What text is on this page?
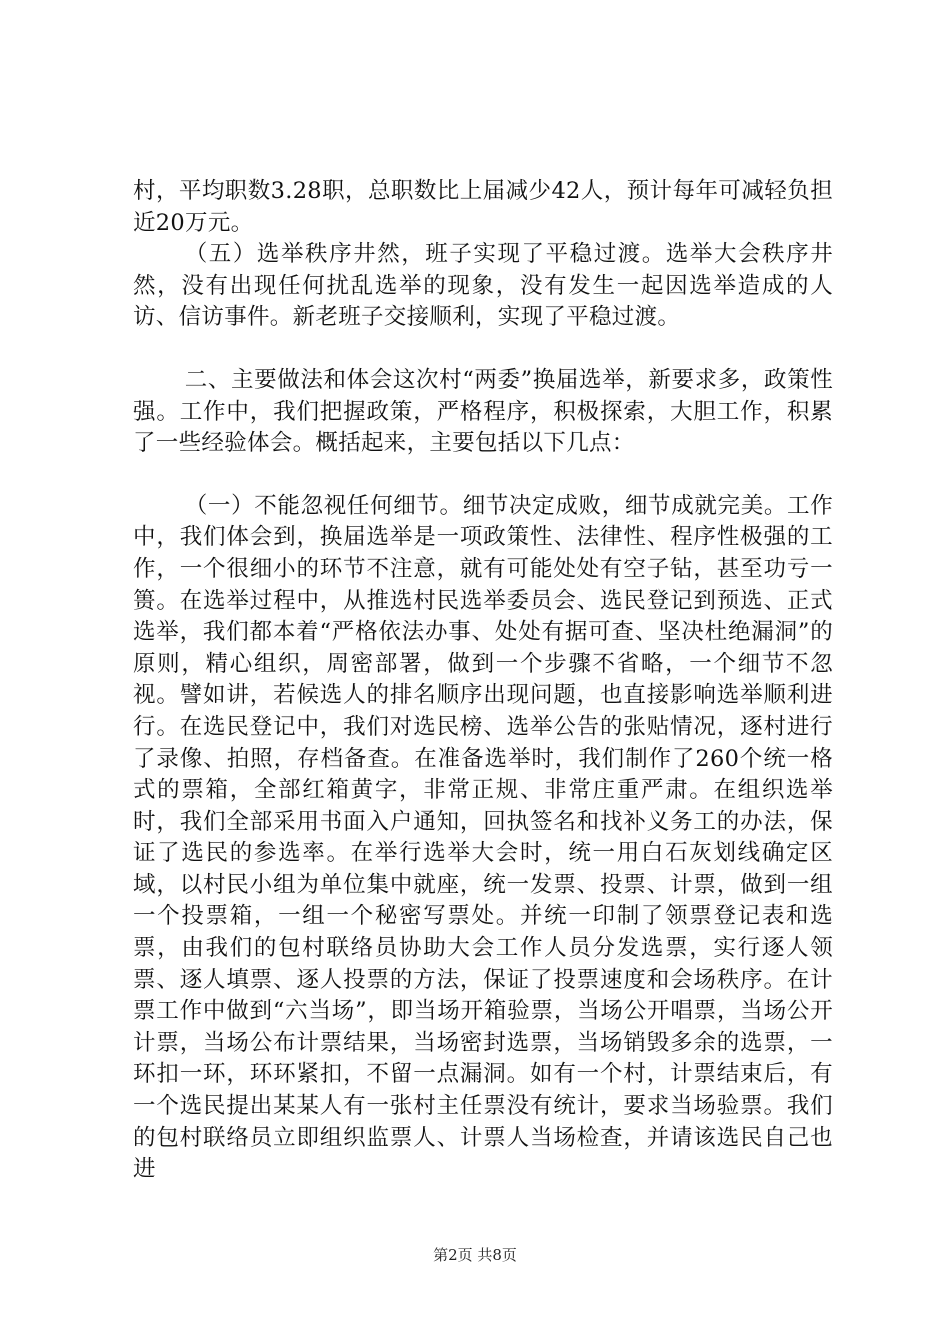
村，平均职数3.28职，总职数比上届减少42人，预计每年可减轻负担近20万元。

（五）选举秩序井然，班子实现了平稳过渡。选举大会秩序井然，没有出现任何扰乱选举的现象，没有发生一起因选举造成的人访、信访事件。新老班子交接顺利，实现了平稳过渡。

二、主要做法和体会这次村“两委”换届选举，新要求多，政策性强。工作中，我们把握政策，严格程序，积极探索，大胆工作，积累了一些经验体会。概括起来，主要包括以下几点：

（一）不能忽视任何细节。细节决定成败，细节成就完美。工作中，我们体会到，换届选举是一项政策性、法律性、程序性极强的工作，一个很细小的环节不注意，就有可能处处有空子钻，甚至功亏一篑。在选举过程中，从推选村民选举委员会、选民登记到预选、正式选举，我们都本着“严格依法办事、处处有据可查、坚决杜绝漏洞”的原则，精心组织，周密部署，做到一个步骤不省略，一个细节不忽视。譬如讲，若候选人的排名顺序出现问题，也直接影响选举顺利进行。在选民登记中，我们对选民榜、选举公告的张贴情况，逐村进行了录像、拍照，存档备查。在准备选举时，我们制作了260个统一格式的票箱，全部红箱黄字，非常正规、非常庄重严肃。在组织选举时，我们全部采用书面入户通知，回执签名和找补义务工的办法，保证了选民的参选率。在举行选举大会时，统一用白石灰划线确定区域，以村民小组为单位集中就座，统一发票、投票、计票，做到一组一个投票箱，一组一个秘密写票处。并统一印制了领票登记表和选票，由我们的包村联络员协助大会工作人员分发选票，实行逐人领票、逐人填票、逐人投票的方法，保证了投票速度和会场秩序。在计票工作中做到“六当场”，即当场开箱验票，当场公开唱票，当场公开计票，当场公布计票结果，当场密封选票，当场销毁多余的选票，一环扣一环，环环紧扣，不留一点漏洞。如有一个村，计票结束后，有一个选民提出某某人有一张村主任票没有统计，要求当场验票。我们的包村联络员立即组织监票人、计票人当场检查，并请该选民自己也进

第2页 共8页
